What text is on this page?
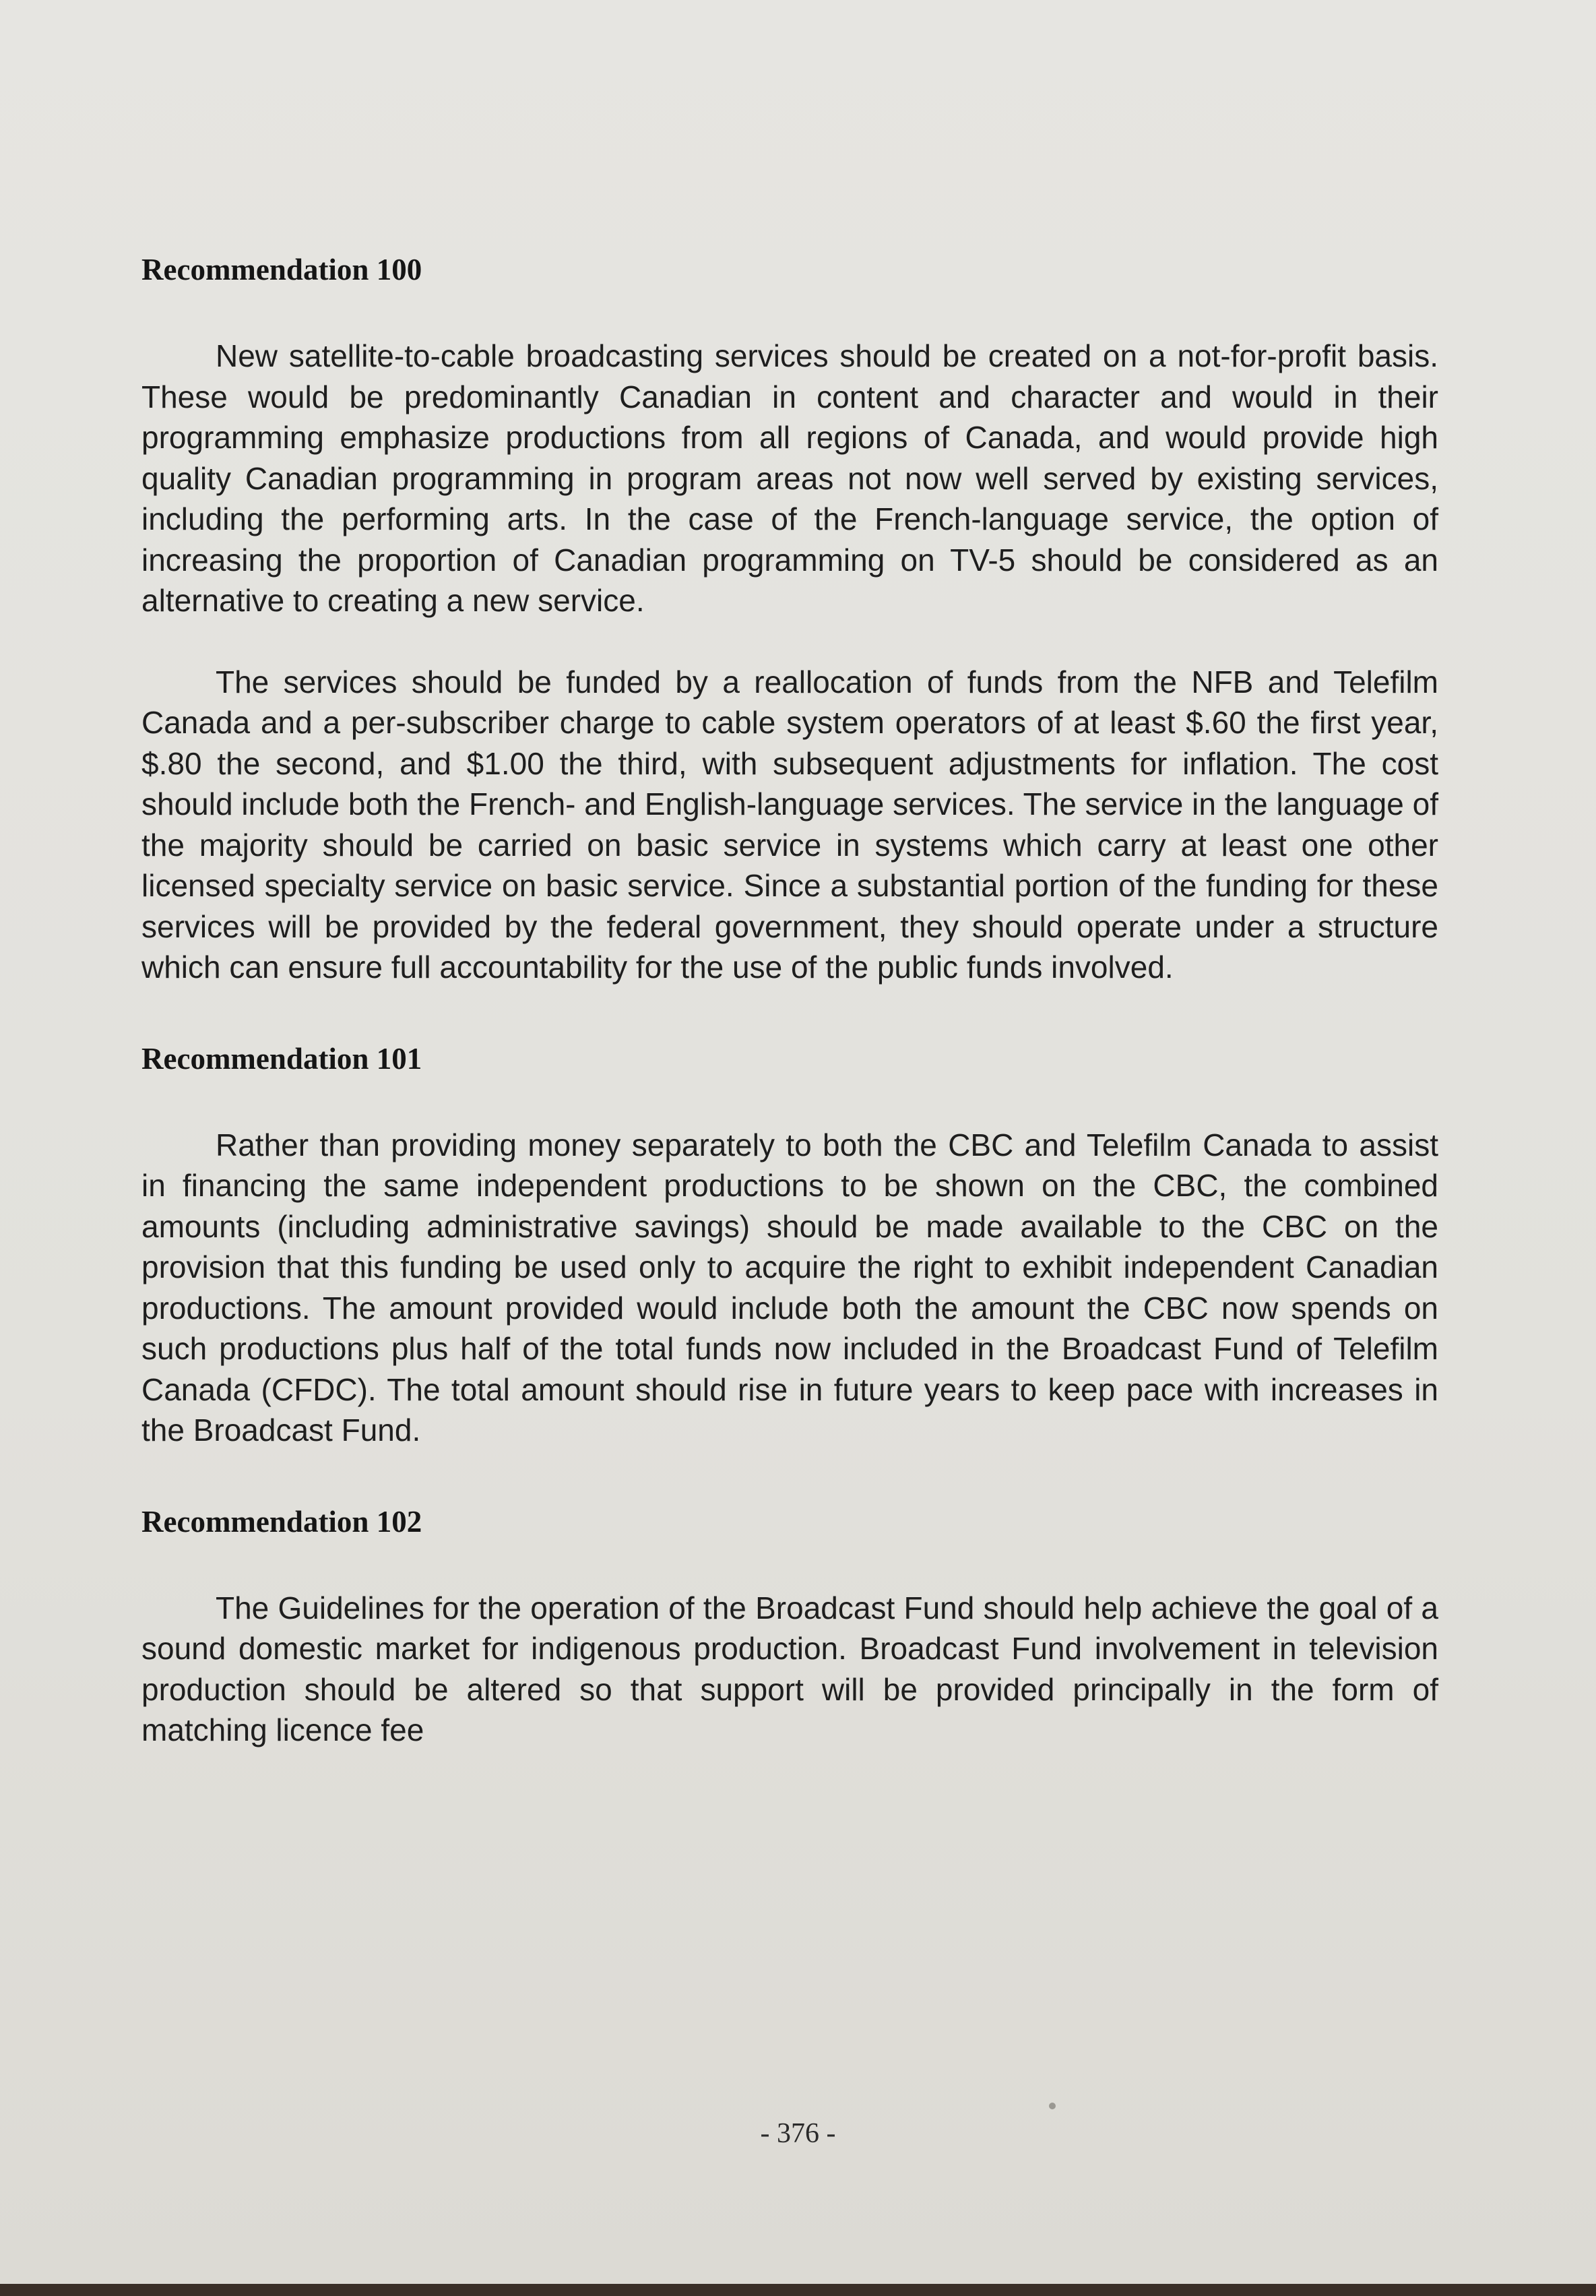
Recommendation 100

New satellite-to-cable broadcasting services should be created on a not-for-profit basis. These would be predominantly Canadian in content and character and would in their programming emphasize productions from all regions of Canada, and would provide high quality Canadian programming in program areas not now well served by existing services, including the performing arts. In the case of the French-language service, the option of increasing the proportion of Canadian programming on TV-5 should be considered as an alternative to creating a new service.

The services should be funded by a reallocation of funds from the NFB and Telefilm Canada and a per-subscriber charge to cable system operators of at least $.60 the first year, $.80 the second, and $1.00 the third, with subsequent adjustments for inflation. The cost should include both the French- and English-language services. The service in the language of the majority should be carried on basic service in systems which carry at least one other licensed specialty service on basic service. Since a substantial portion of the funding for these services will be provided by the federal government, they should operate under a structure which can ensure full accountability for the use of the public funds involved.

Recommendation 101

Rather than providing money separately to both the CBC and Telefilm Canada to assist in financing the same independent productions to be shown on the CBC, the combined amounts (including administrative savings) should be made available to the CBC on the provision that this funding be used only to acquire the right to exhibit independent Canadian productions. The amount provided would include both the amount the CBC now spends on such productions plus half of the total funds now included in the Broadcast Fund of Telefilm Canada (CFDC). The total amount should rise in future years to keep pace with increases in the Broadcast Fund.

Recommendation 102

The Guidelines for the operation of the Broadcast Fund should help achieve the goal of a sound domestic market for indigenous production. Broadcast Fund involvement in television production should be altered so that support will be provided principally in the form of matching licence fee

- 376 -
